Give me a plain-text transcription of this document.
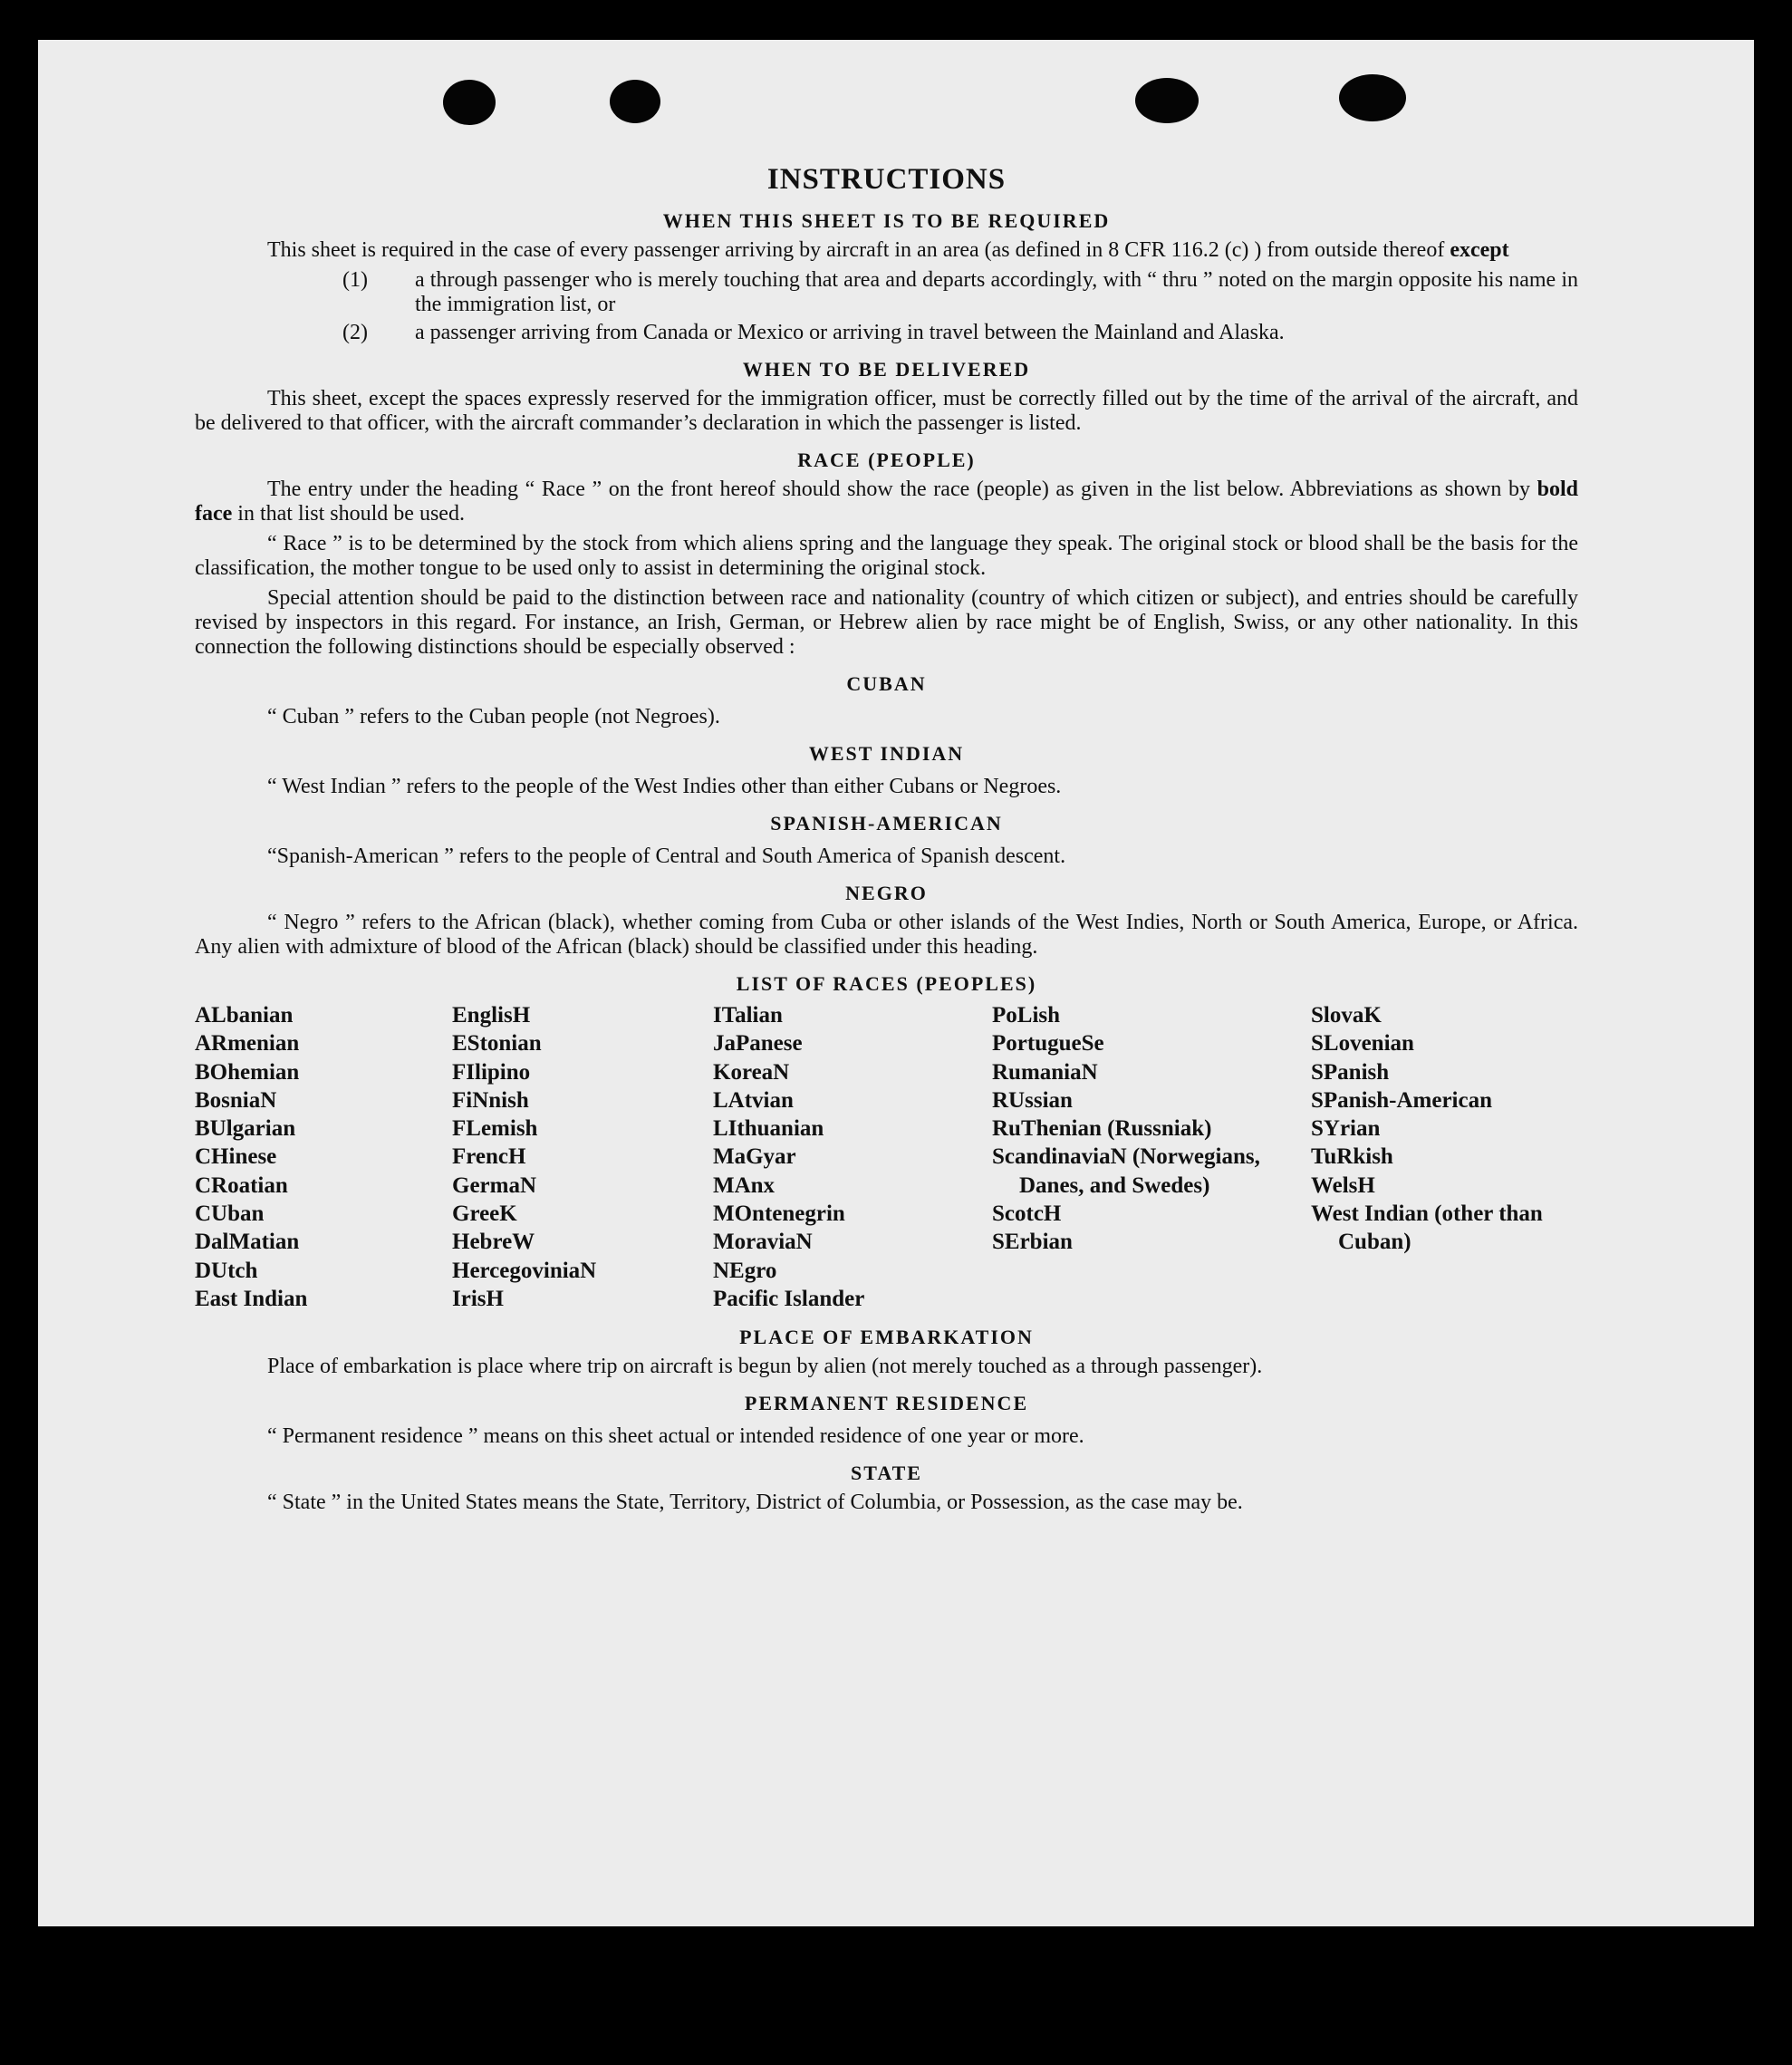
INSTRUCTIONS
WHEN THIS SHEET IS TO BE REQUIRED

This sheet is required in the case of every passenger arriving by aircraft in an area (as defined in 8 CFR 116.2 (c) ) from outside thereof except

(1) a through passenger who is merely touching that area and departs accordingly, with “ thru ” noted on the margin opposite his name in the immigration list, or

(2) a passenger arriving from Canada or Mexico or arriving in travel between the Mainland and Alaska.

WHEN TO BE DELIVERED

This sheet, except the spaces expressly reserved for the immigration officer, must be correctly filled out by the time of the arrival of the aircraft, and be delivered to that officer, with the aircraft commander’s declaration in which the passenger is listed.

RACE (PEOPLE)

The entry under the heading “ Race ” on the front hereof should show the race (people) as given in the list below. Abbreviations as shown by bold face in that list should be used.

“ Race ” is to be determined by the stock from which aliens spring and the language they speak. The original stock or blood shall be the basis for the classification, the mother tongue to be used only to assist in determining the original stock.

Special attention should be paid to the distinction between race and nationality (country of which citizen or subject), and entries should be carefully revised by inspectors in this regard. For instance, an Irish, German, or Hebrew alien by race might be of English, Swiss, or any other nationality. In this connection the following distinctions should be especially observed :

CUBAN

“ Cuban ” refers to the Cuban people (not Negroes).

WEST INDIAN

“ West Indian ” refers to the people of the West Indies other than either Cubans or Negroes.

SPANISH-AMERICAN

“Spanish-American ” refers to the people of Central and South America of Spanish descent.

NEGRO

“ Negro ” refers to the African (black), whether coming from Cuba or other islands of the West Indies, North or South America, Europe, or Africa. Any alien with admixture of blood of the African (black) should be classified under this heading.

LIST OF RACES (PEOPLES)
ALbanian
ARmenian
BOhemian
BosniaN
BUlgarian
CHinese
CRoatian
CUban
DalMatian
DUtch
East Indian
EnglisH
EStonian
FIlipino
FiNnish
FLemish
FrencH
GermaN
GreeK
HebreW
HercegoviniaN
IrisH
ITalian
JaPanese
KoreaN
LAtvian
LIthuanian
MaGyar
MAnx
MOntenegrin
MoraviaN
NEgro
Pacific Islander
PoLish
PortugueSe
RumaniaN
RUssian
RuThenian (Russniak)
ScandinaviaN (Norwegians, Danes, and Swedes)
ScotcH
SErbian
SlovaK
SLovenian
SPanish
SPanish-American
SYrian
TuRkish
WelsH
West Indian (other than Cuban)
PLACE OF EMBARKATION

Place of embarkation is place where trip on aircraft is begun by alien (not merely touched as a through passenger).

PERMANENT RESIDENCE

“ Permanent residence ” means on this sheet actual or intended residence of one year or more.

STATE

“ State ” in the United States means the State, Territory, District of Columbia, or Possession, as the case may be.
